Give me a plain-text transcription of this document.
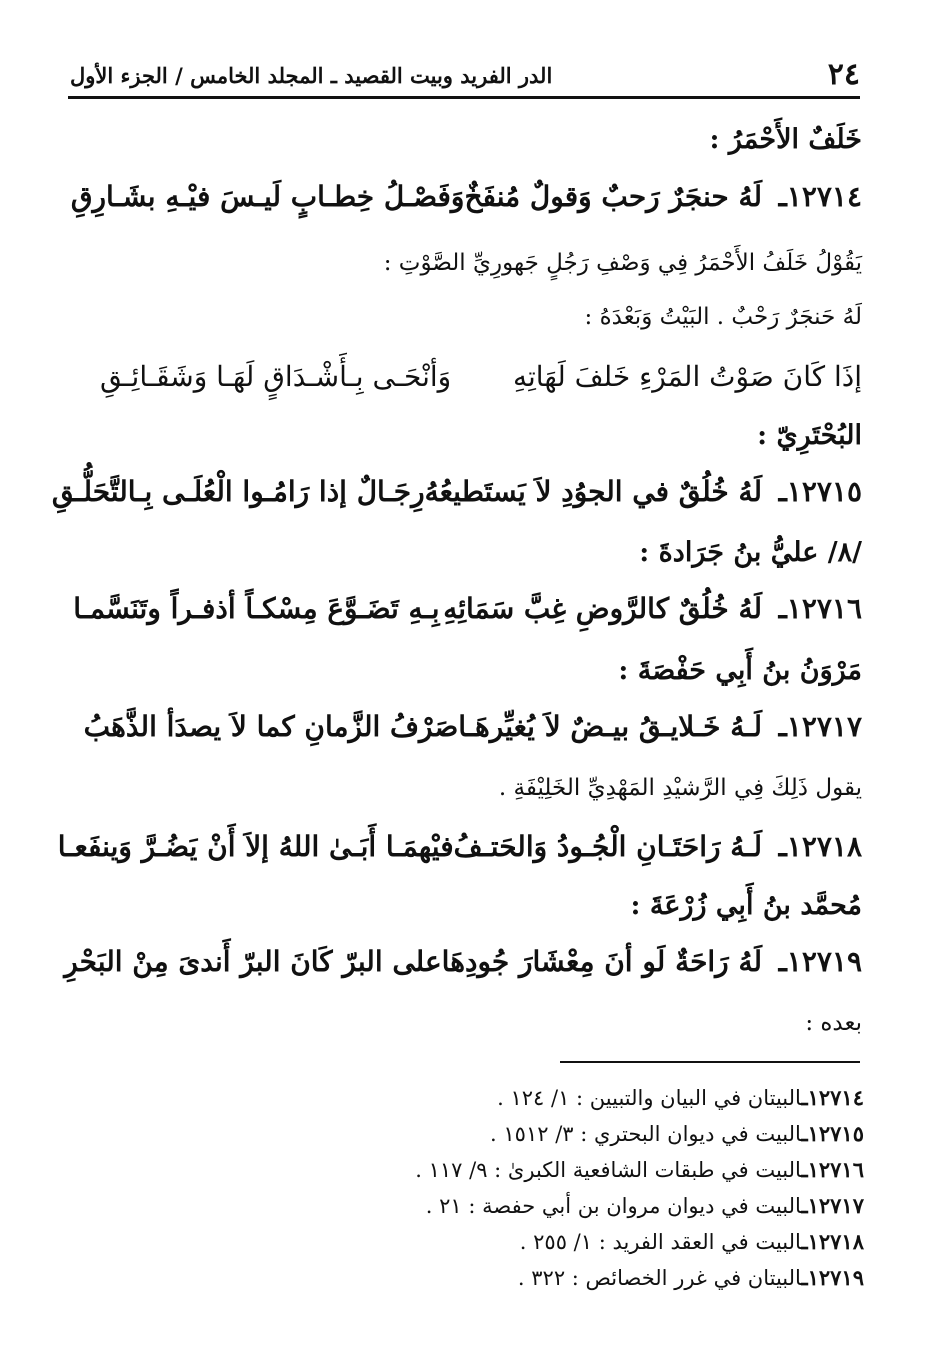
٢٤
الدر الفريد وبيت القصيد ـ المجلد الخامس / الجزء الأول
خَلَفٌ الأَحْمَرُ :
١٢٧١٤ـ
لَهُ حنجَرٌ رَحبٌ وَقولٌ مُنفَخٌ
وَفَصْـلُ خِطـابٍ لَيـسَ فيْـهِ بشَـارِقِ
يَقُوْلُ خَلَفُ الأَحْمَرُ فِي وَصْفِ رَجُلٍ جَهورِيِّ الصَّوْتِ :
لَهُ حَنجَرٌ رَحْبٌ . البَيْتُ وَبَعْدَهُ :
إذَا كَانَ صَوْتُ المَرْءِ خَلفَ لَهَاتِهِ
وَأنْحَـى بِـأَشْـدَاقٍ لَهَـا وَشَقَـائِـقِ
البُحْتَرِيّ :
١٢٧١٥ـ
لَهُ خُلُقٌ في الجوُدِ لاَ يَستَطيعُهُ
رِجَـالٌ إذا رَامُـوا الْعُلَـى بِـالتَّحَلُّـقِ
/٨/ عليُّ بنُ جَرَادةَ :
١٢٧١٦ـ
لَهُ خُلُقٌ كالرَّوضِ غِبَّ سَمَائِهِ
بِـهِ تَضَـوَّعَ مِسْكـاً أذفـراً وتَنَسَّمـا
مَرْوَنُ بنُ أَبِي حَفْصَةَ :
١٢٧١٧ـ
لَـهُ خَـلايـقُ بيـضٌ لاَ يُغيِّرهَـا
صَرْفُ الزَّمانِ كما لاَ يصدَأ الذَّهَبُ
يقول ذَلِكَ فِي الرَّشيْدِ المَهْدِيِّ الخَلِيْفَةِ .
١٢٧١٨ـ
لَـهُ رَاحَتَـانِ الْجُـودُ وَالحَتـفُ
فيْهمَـا أَبَـىٰ اللهُ إلاَ أَنْ يَضُـرَّ وَينفَعـا
مُحمَّد بنُ أَبِي زُرْعَةَ :
١٢٧١٩ـ
لَهُ رَاحَةٌ لَو أنَ مِعْشَارَ جُودِهَا
على البرّ كَانَ البرّ أَندىَ مِنْ البَحْرِ
بعده :
١٢٧١٤ـالبيتان في البيان والتبيين : ١/ ١٢٤ .
١٢٧١٥ـالبيت في ديوان البحتري : ٣/ ١٥١٢ .
١٢٧١٦ـالبيت في طبقات الشافعية الكبرىٰ : ٩/ ١١٧ .
١٢٧١٧ـالبيت في ديوان مروان بن أبي حفصة : ٢١ .
١٢٧١٨ـالبيت في العقد الفريد : ١/ ٢٥٥ .
١٢٧١٩ـالبيتان في غرر الخصائص : ٣٢٢ .
